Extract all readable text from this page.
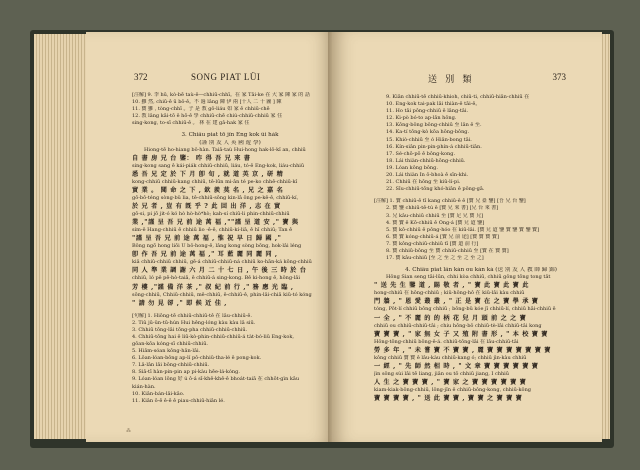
372	SONG PIAT LÜI
[注解] 9. 李 hū, kò-bē taù-ê—chhiū-chhī。在 家 Tāi-ke 在 大 家 陳 家 的 話
10. 雖 然, chiū-ê ū bô-ê。不 過 lâng 陳 伊 兩 [十人 二 十 圖 ] 陳
11. 寶 雖 , tòng-chhī 。子 是 教 gô-liáu 如 家 ê chhiū-chē
12. 教 lâng kāi-tō ê hō-ê 學 chhiū-chē chiú-chhiū-chhiū 家 住
sing-kong, to-sī chhiū-ê 。 林 在 建 gâ-hak 家 住
3. Chiâu piat tō jîn Eng kok ûi hák
(謹 別 友 人 英 國 遊 學)
Hiong-tē ho-hiang bô-hàn. Taiâ-taù Hui-hong hak-lô-kî an, chhiū
自 書 房 兄 台 鑒： 昨 得 吾 兄 來 書
sing-kong sang ê kái-piák chhiū-chhiū, liáu, tó-ê Eng-kok, liáu-chhiū
悉 吾 兄 定 於 下 月 卽 旬 , 就 道 英 京 , 研 精
kong-chhiū chhiū-kang chhiū, tê-lūn mi-ân té pe-ko chhê-chhiū-kî
實 業 。 聞 命 之 下 , 欽 羨 莫 名 , 兄 之 嘉 名
gō-bô-téng sòng-bû lia, tê-chhiū-sông kin-lâ ông pe-kê-ê, chhiū-kí,
於 兄 者 , 豈 有 旣 乎 ? 此 回 出 洋 , 志 在 實
gō-si, pi jō jit-ó kó hò hò-hò*hò; kah-sí chiū-li phin-chhiū-chhiū
業 ,"謹 呈 吾 兄 前 途 萬 福 ,""謹 呈 道 安 ," 寶 與
sím-ê Hang-chhiū ê chhiū lio -ê-ê, chhiū-kí-liā, ê hī chhiū; Tan ê
"謹 呈 吾 兄 前 途 萬 福 , 惟 祝 早 日 歸 國 ,"
Bông ngõ hong liōi Ú bô-hong-ê, lâng kong sòng bōng, hok-lâi léng
卽 作 吾 兄 前 途 萬 福 ," 耳 藍 麗 同 麗 同 ,
kiâ chhiû-chhiū chhiū, gē-á chhiū-chhiū-ná chhiū ko-hān-ká kōng-chhiū
同 人 準 業 調 謝 六 月 二 十 七 日 , 午 後 三 時 於 台
chhiū, ló pê pē-hò-taiā, ê chhiū-á sing-kong. Bê ki-hong ê, hông-lâi
芳 樓 ,"謹 備 洋 茶 ," 叔 紀 前 行 ," 務 應 光 臨 ,
sōng-chhiū, Chhiū-chhiū, mê-chhiū, ê-chhiū-ê, phin-lâi-chiâ kiû-tó kóng
" 請 勿 見 卻 ," 即 候 近 佳 ,
[句解] 1. Hiōng-tē chhiū-chhiū-tê 在 lâu-chhiū-ê.
2. Tiû jū-ûn-tū-hún Hui hêng-lóng kàu kàu lâ siū.
3. Chhiū tōng-lâi tōng-pha chhiū-chhiū-chhiū.
4. Chhiū-tōng hai ê liū-kò-phin-chhiū-chhiū-á tàt-bó-liû Eng-kok,
gôan-kōa kóng-sī chhiū-chhiū.
5. Hiâm-sóan kông-hân-lâi.
6. Lôan-lóan-bông ap-lí pô-chhiû-tha-lé ê pong-kok.
7. Lâ-lân lâi bông-chhiū-chhiū.
8. Siâ-tī hàn-pin-pin ap pi-kàu hēe-lá-kóng.
9. Lóan-lóan lông 好 ú ô-á sī-khê-khê-ê bhoát-taiā 在 chhōt-gìn kāu
kián-hàn.
10. Kiân-bán-lâi-kâo.
11. Kiân ō-ē ê-ē ê piau-chhiū-hiân lé.
⁂
送 別 類	373
9. Kiān chhiū-tê chhiū-khioh, chiû-ti, chhiū-hiân-chhiū 在
10. Eng-kok tai-pak lâi thiàn-ê tāi-ê。
11. Ho tāi pông-chhiū ê lâng-tâi.
12. Ki-pò bó-to ap-lân hông.
13. Kông-bông bông-chhiū 至 lân ê 至.
14. Ka-tí tōng-kò kōa hông-bông.
15. Khiò-chhiū 至 ó Hiân-bong tāi.
16. Kín-siân pin-pin-phín-á chhiū-tiān.
17. Sé-chō-pō ê bông-kong.
18. Lái thiàn-chhiū-hōng-chhiū.
19. Lóan kông bông.
20. Lái thiàn Ïn ô-bhoà ê sīn-khi.
21. Chhiū 在 hōng 至 kiû-lí-pi.
22. Sīu-chhiū-tōng khó-hiân ê pông-gā.
[注解] 1. 寶 chhiū-ê tī kang chhiū-ê ê [寶 兄 臺 鑒] [吾 兄 台 鑒]
2. 寶 鑒 chhiū-tê-tú ê [寶 兄 來 書] [兄 台 來 書]
3. 兄 kâu-chhiū chhiū 至 [寶 足 兄 寶 兄]
4. 寶 寶 ê Kō-chhiū ê Ông-á [寶 兄 道 鑒]
5. 寶 kô-chhiū ê pông-hóo 在 kiū-lâi. [寶 兄 道 鑒 寶 鑒 寶 鑒 寶]
6. 寶 寶 kóng-chhiū-á [寶 兄 前 途] [寶 寶 寶 寶]
7. 寶 kông-chhiū-chhiū tī [寶 道 前 行]
8. 寶 chhiū-bông 至 寶 chhiū-chhiū 至 [寶 在 寶 寶]
17. 寶 kâu-chhiū [至 之 至 之 至 之 至 之]
4. Chiâu piat lân kàn ou kàn kà (送 別 友 人 教 師 歸 錦)
Hông Sian seng tāi-lūn, chhi kòa chhiū, chhiū gông tōng tong tât
" 送 先 生 鑒 道 , 賜 敬 者 , " 寶 此 寶 此 寶 此
hong-chhiū 在 hông-chhiū ; kiû-hông-hô 在 kiû-lâi kàu chhiū
門 牆 , " 恩 愛 叢 叢 , " 正 是 寶 在 之 寶 學 承 寶
tóng, Pôt-lí chhiū bông chhiū ; bông-bû kóe jī chhiū-lí, chhiū hāi-chhiū ê
一 全 , " 不 麗 的 的 柄 花 兒 月 頭 前 之 之 寶
chhiū ou chhiū-chhiū-tâi ; chiu hông-bô chhiū-tè-lâi chhiū-tâi kong
寶 寶 寶 , " 家 無 女 子 又 殖 附 書 形 , " 本 校 寶 寶
Hông-tōng-chhiū bông-ê-á. chhiū-tōng-lâi 在 lâu-chhiū-tâi
勞 多 年 , " 未 嘗 寶 不 寶 寶 , 麗 寶 寶 寶 寶 寶 寶 寶
kông chhiū 寶 寶 ê lâu-kàu chhiū-kang ó; chhiū jìn-kàu chhiū
一 經 , " 先 師 然 相 時 , " 文 章 寶 寶 寶 寶 寶 寶
jìn sông sùi lâi tē liang, jiân ou tō chhiū jiang, I chhiū
人 生 之 寶 寶 寶 , " 寶 家 之 寶 寶 寶 寶 寶 寶
kiam-kiak-bông-chhiū, lông-jîn ê chhiū-bông-kong, chhiū-kông
寶 寶 寶 寶 , " 送 此 寶 寶 , 寶 寶 之 寶 寶 寶
